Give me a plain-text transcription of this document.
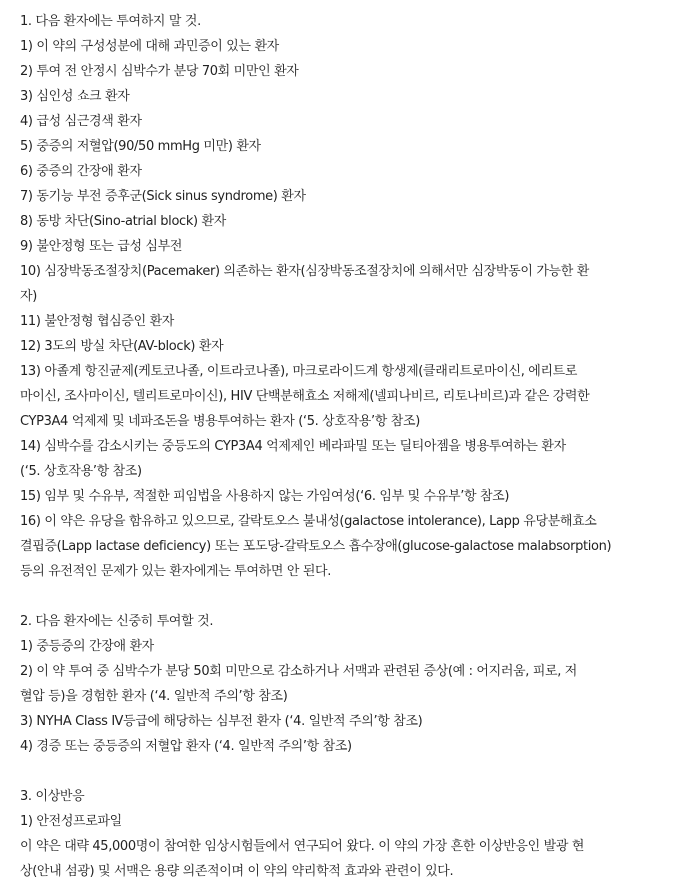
1. 다음 환자에는 투여하지 말 것.
1) 이 약의 구성성분에 대해 과민증이 있는 환자
2) 투여 전 안정시 심박수가 분당 70회 미만인 환자
3) 심인성 쇼크 환자
4) 급성 심근경색 환자
5) 중증의 저혈압(90/50 mmHg 미만) 환자
6) 중증의 간장애 환자
7) 동기능 부전 증후군(Sick sinus syndrome) 환자
8) 동방 차단(Sino-atrial block) 환자
9) 불안정형 또는 급성 심부전
10) 심장박동조절장치(Pacemaker) 의존하는 환자(심장박동조절장치에 의해서만 심장박동이 가능한 환
자)
11) 불안정형 협심증인 환자
12) 3도의 방실 차단(AV-block) 환자
13) 아졸계 항진균제(케토코나졸, 이트라코나졸), 마크로라이드계 항생제(클래리트로마이신, 에리트로
마이신, 조사마이신, 텔리트로마이신), HIV 단백분해효소 저해제(넬피나비르, 리토나비르)과 같은 강력한
CYP3A4 억제제 및 네파조돈을 병용투여하는 환자 (‘5. 상호작용’항 참조)
14) 심박수를 감소시키는 중등도의 CYP3A4 억제제인 베라파밀 또는 딜티아젬을 병용투여하는 환자
(‘5. 상호작용’항 참조)
15) 임부 및 수유부, 적절한 피임법을 사용하지 않는 가임여성(‘6. 임부 및 수유부’항 참조)
16) 이 약은 유당을 함유하고 있으므로, 갈락토오스 불내성(galactose intolerance), Lapp 유당분해효소
결핍증(Lapp lactase deficiency) 또는 포도당-갈락토오스 흡수장애(glucose-galactose malabsorption)
등의 유전적인 문제가 있는 환자에게는 투여하면 안 된다.
2. 다음 환자에는 신중히 투여할 것.
1) 중등증의 간장애 환자
2) 이 약 투여 중 심박수가 분당 50회 미만으로 감소하거나 서맥과 관련된 증상(예 : 어지러움, 피로, 저
혈압 등)을 경험한 환자 (‘4. 일반적 주의’항 참조)
3) NYHA Class Ⅳ등급에 해당하는 심부전 환자 (‘4. 일반적 주의’항 참조)
4) 경증 또는 중등증의 저혈압 환자 (‘4. 일반적 주의’항 참조)
3. 이상반응
1) 안전성프로파일
이 약은 대략 45,000명이 참여한 임상시험들에서 연구되어 왔다. 이 약의 가장 흔한 이상반응인 발광 현
상(안내 섬광) 및 서맥은 용량 의존적이며 이 약의 약리학적 효과와 관련이 있다.
